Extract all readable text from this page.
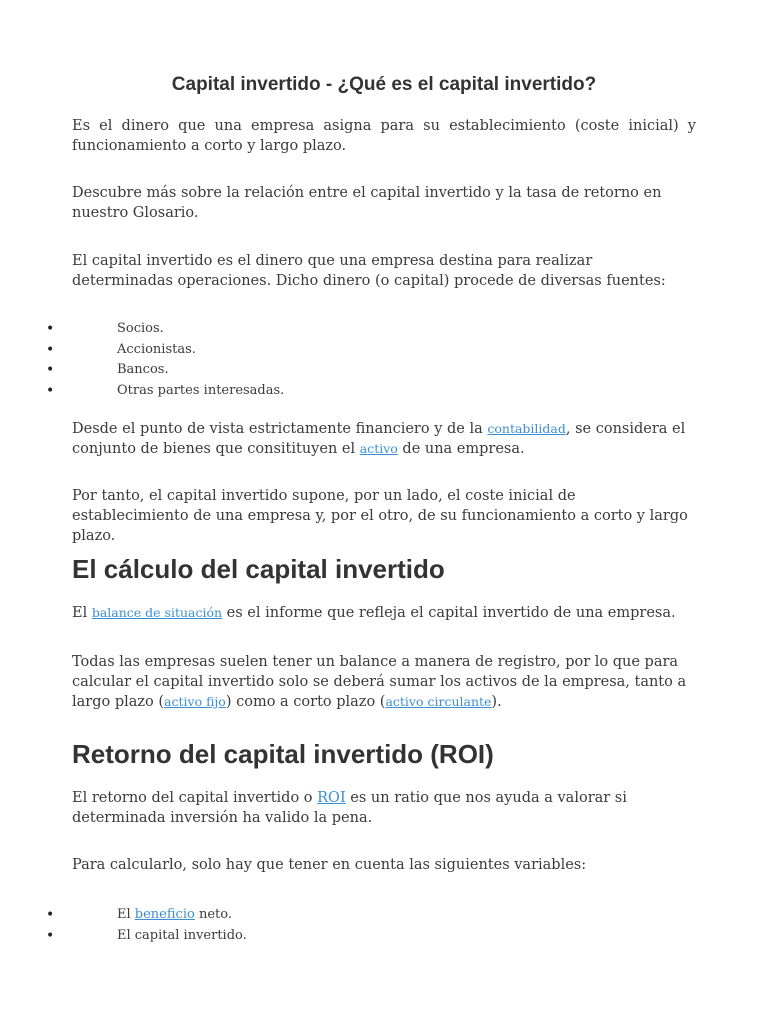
Capital invertido - ¿Qué es el capital invertido?

Es el dinero que una empresa asigna para su establecimiento (coste inicial) y funcionamiento a corto y largo plazo.

Descubre más sobre la relación entre el capital invertido y la tasa de retorno en nuestro Glosario.

El capital invertido es el dinero que una empresa destina para realizar determinadas operaciones. Dicho dinero (o capital) procede de diversas fuentes:

•	Socios.
•	Accionistas.
•	Bancos.
•	Otras partes interesadas.

Desde el punto de vista estrictamente financiero y de la contabilidad, se considera el conjunto de bienes que consitituyen el activo de una empresa.

Por tanto, el capital invertido supone, por un lado, el coste inicial de establecimiento de una empresa y, por el otro, de su funcionamiento a corto y largo plazo.

El cálculo del capital invertido

El balance de situación es el informe que refleja el capital invertido de una empresa.

Todas las empresas suelen tener un balance a manera de registro, por lo que para calcular el capital invertido solo se deberá sumar los activos de la empresa, tanto a largo plazo (activo fijo) como a corto plazo (activo circulante).

Retorno del capital invertido (ROI)

El retorno del capital invertido o ROI es un ratio que nos ayuda a valorar si determinada inversión ha valido la pena.

Para calcularlo, solo hay que tener en cuenta las siguientes variables:

•	El beneficio neto.
•	El capital invertido.
